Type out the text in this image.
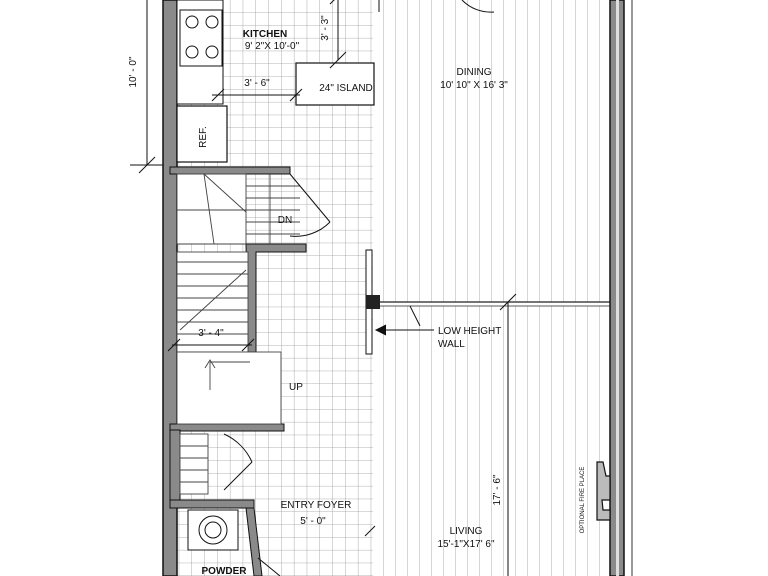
KITCHEN
9' 2"X 10'-0"
DINING
10' 10" X 16' 3"
24" ISLAND
REF.
DN
UP
LOW HEIGHT
WALL
ENTRY FOYER
5' - 0"
LIVING
15'-1"X17' 6"
POWDER
OPTIONAL FIRE PLACE
10' - 0"
3' - 3"
3' - 6"
3' - 4"
17' - 6"
